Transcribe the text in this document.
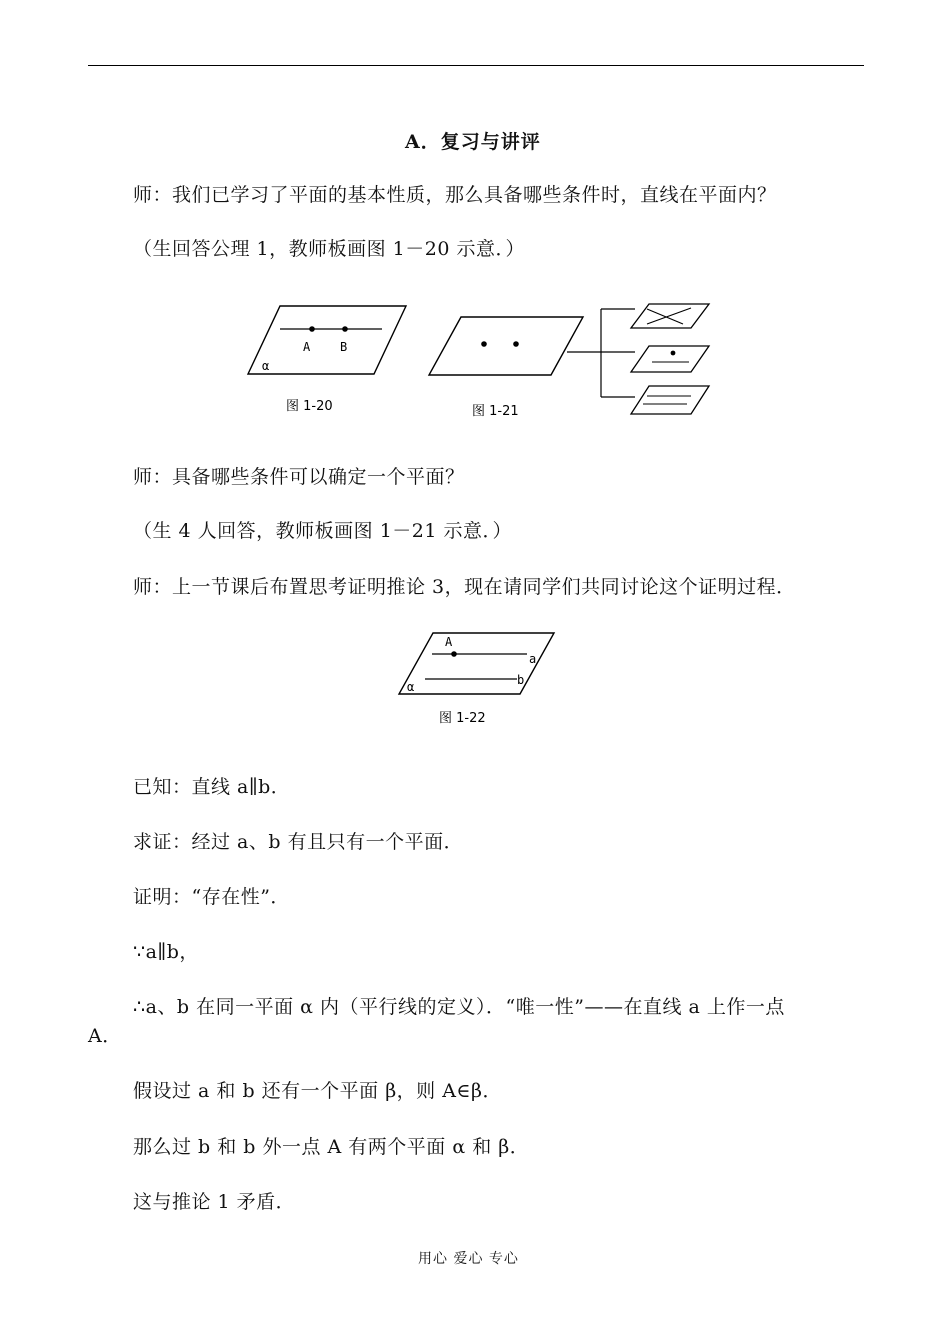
A．复习与讲评
师：我们已学习了平面的基本性质，那么具备哪些条件时，直线在平面内？
（生回答公理 1，教师板画图 1－20 示意．）
A B
α
图 1-20	图 1-21
师：具备哪些条件可以确定一个平面？
（生 4 人回答，教师板画图 1－21 示意．）
师：上一节课后布置思考证明推论 3，现在请同学们共同讨论这个证明过程．
A
a
b
α
图 1-22
已知：直线 a∥b．
求证：经过 a、b 有且只有一个平面．
证明：“存在性”．
∵a∥b，
∴a、b 在同一平面 α 内（平行线的定义）．“唯一性”——在直线 a 上作一点
A．
假设过 a 和 b 还有一个平面 β，则 A∈β．
那么过 b 和 b 外一点 A 有两个平面 α 和 β．
这与推论 1 矛盾．
用心 爱心 专心
